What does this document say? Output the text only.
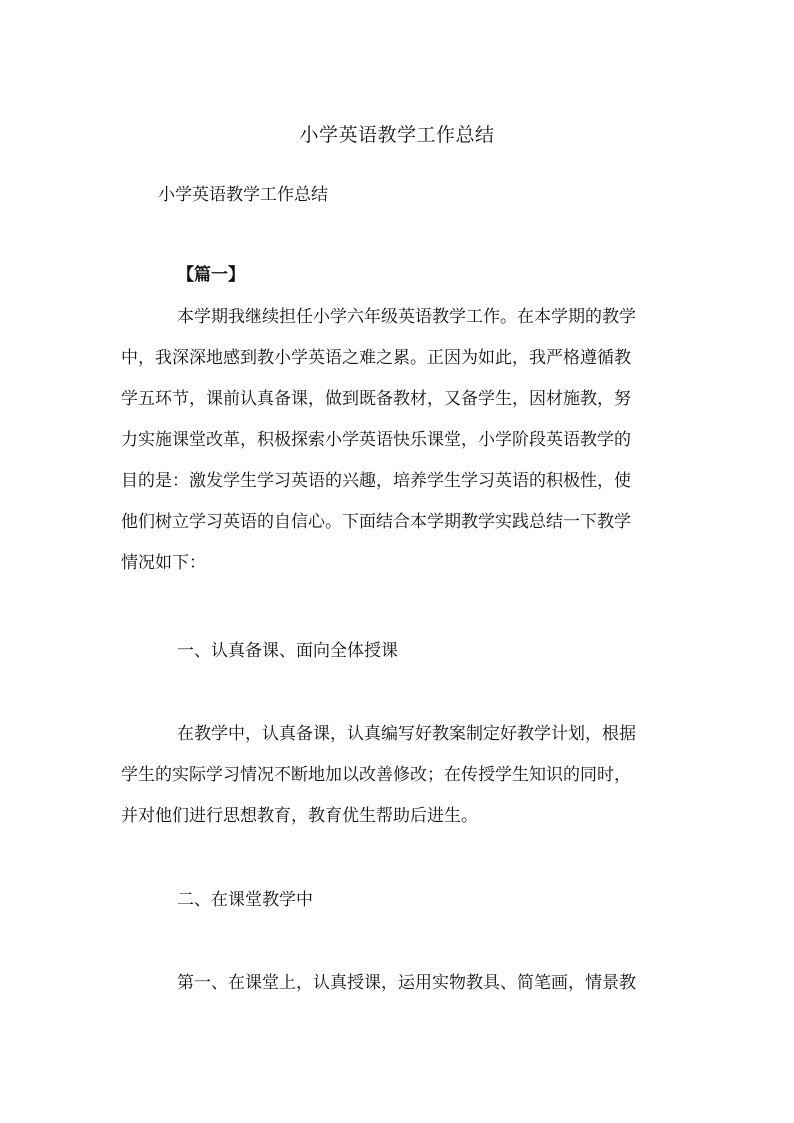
小学英语教学工作总结
小学英语教学工作总结
【篇一】
本学期我继续担任小学六年级英语教学工作。在本学期的教学
中，我深深地感到教小学英语之难之累。正因为如此，我严格遵循教
学五环节，课前认真备课，做到既备教材，又备学生，因材施教，努
力实施课堂改革，积极探索小学英语快乐课堂，小学阶段英语教学的
目的是：激发学生学习英语的兴趣，培养学生学习英语的积极性，使
他们树立学习英语的自信心。下面结合本学期教学实践总结一下教学
情况如下：
一、认真备课、面向全体授课
在教学中，认真备课，认真编写好教案制定好教学计划，根据
学生的实际学习情况不断地加以改善修改；在传授学生知识的同时，
并对他们进行思想教育，教育优生帮助后进生。
二、在课堂教学中
第一、在课堂上，认真授课，运用实物教具、简笔画，情景教
